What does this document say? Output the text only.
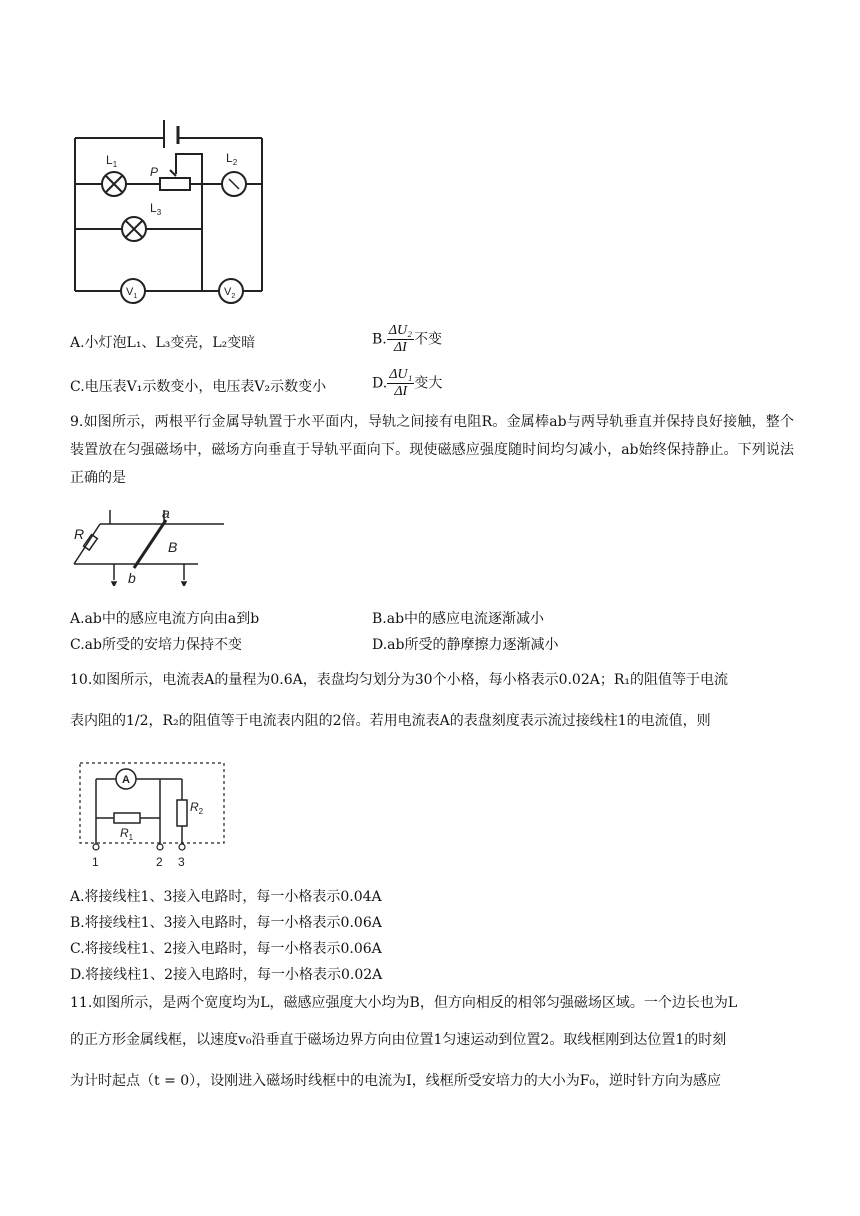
$L_1$	$L_2$
P
$L_3$
$V_1$	$V_2$
A.小灯泡L₁、L₃变亮，L₂变暗	B. $\frac{\text{ΔU₂}}{\Delta I}$ 不变
C.电压表V₁示数变小，电压表V₂示数变小	D. $\frac{\text{ΔU₁}}{\Delta I}$ 变大
9.如图所示，两根平行金属导轨置于水平面内，导轨之间接有电阻R。金属棒ab与两导轨垂直并保持良好接触，整个装置放在匀强磁场中，磁场方向垂直于导轨平面向下。现使磁感应强度随时间均匀减小，ab始终保持静止。下列说法正确的是
R
a
B
b
A.ab中的感应电流方向由a到b	B.ab中的感应电流逐渐减小
C.ab所受的安培力保持不变	D.ab所受的静摩擦力逐渐减小
10.如图所示，电流表A的量程为0.6A，表盘均匀划分为30个小格，每小格表示0.02A；R₁的阻值等于电流
表内阻的1/2，R₂的阻值等于电流表内阻的2倍。若用电流表A的表盘刻度表示流过接线柱1的电流值，则
A
$R_1$
$R_2$
1	2 3
A.将接线柱1、3接入电路时，每一小格表示0.04A
B.将接线柱1、3接入电路时，每一小格表示0.06A
C.将接线柱1、2接入电路时，每一小格表示0.06A
D.将接线柱1、2接入电路时，每一小格表示0.02A
11.如图所示，是两个宽度均为L，磁感应强度大小均为B，但方向相反的相邻匀强磁场区域。一个边长也为L
的正方形金属线框，以速度v₀沿垂直于磁场边界方向由位置1匀速运动到位置2。取线框刚到达位置1的时刻
为计时起点（t = 0），设刚进入磁场时线框中的电流为I，线框所受安培力的大小为F₀，逆时针方向为感应
